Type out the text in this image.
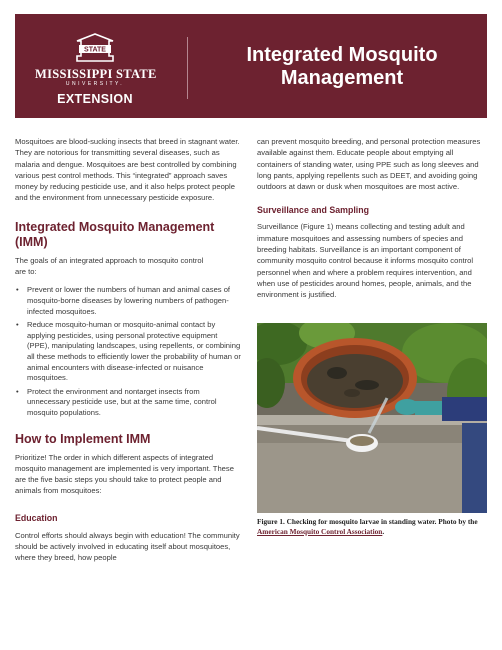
STATE
MISSISSIPPI STATE
UNIVERSITY.
EXTENSION
Integrated Mosquito Management

Mosquitoes are blood-sucking insects that breed in stagnant water. They are notorious for transmitting several diseases, such as malaria and dengue. Mosquitoes are best controlled by combining various pest control methods. This “integrated” approach saves money by reducing pesticide use, and it also helps protect people and the environment from unnecessary pesticide exposure.

Integrated Mosquito Management (IMM)

The goals of an integrated approach to mosquito control are to:

• Prevent or lower the numbers of human and animal cases of mosquito-borne diseases by lowering numbers of pathogen-infected mosquitoes.
• Reduce mosquito-human or mosquito-animal contact by applying pesticides, using personal protective equipment (PPE), manipulating landscapes, using repellents, or combining all these methods to efficiently lower the probability of human or animal encounters with disease-infected or nuisance mosquitoes.
• Protect the environment and nontarget insects from unnecessary pesticide use, but at the same time, control mosquito populations.
How to Implement IMM

Prioritize! The order in which different aspects of integrated mosquito management are implemented is very important. These are the five basic steps you should take to protect people and animals from mosquitoes:

Education

Control efforts should always begin with education! The community should be actively involved in educating itself about mosquitoes, where they breed, how people

can prevent mosquito breeding, and personal protection measures available against them. Educate people about emptying all containers of standing water, using PPE such as long sleeves and long pants, applying repellents such as DEET, and avoiding going outdoors at dawn or dusk when mosquitoes are most active.

Surveillance and Sampling

Surveillance (Figure 1) means collecting and testing adult and immature mosquitoes and assessing numbers of species and breeding habitats. Surveillance is an important component of community mosquito control because it informs mosquito control personnel when and where a problem requires intervention, and when use of pesticides around homes, people, animals, and the environment is justified.

Figure 1. Checking for mosquito larvae in standing water. Photo by the American Mosquito Control Association.
